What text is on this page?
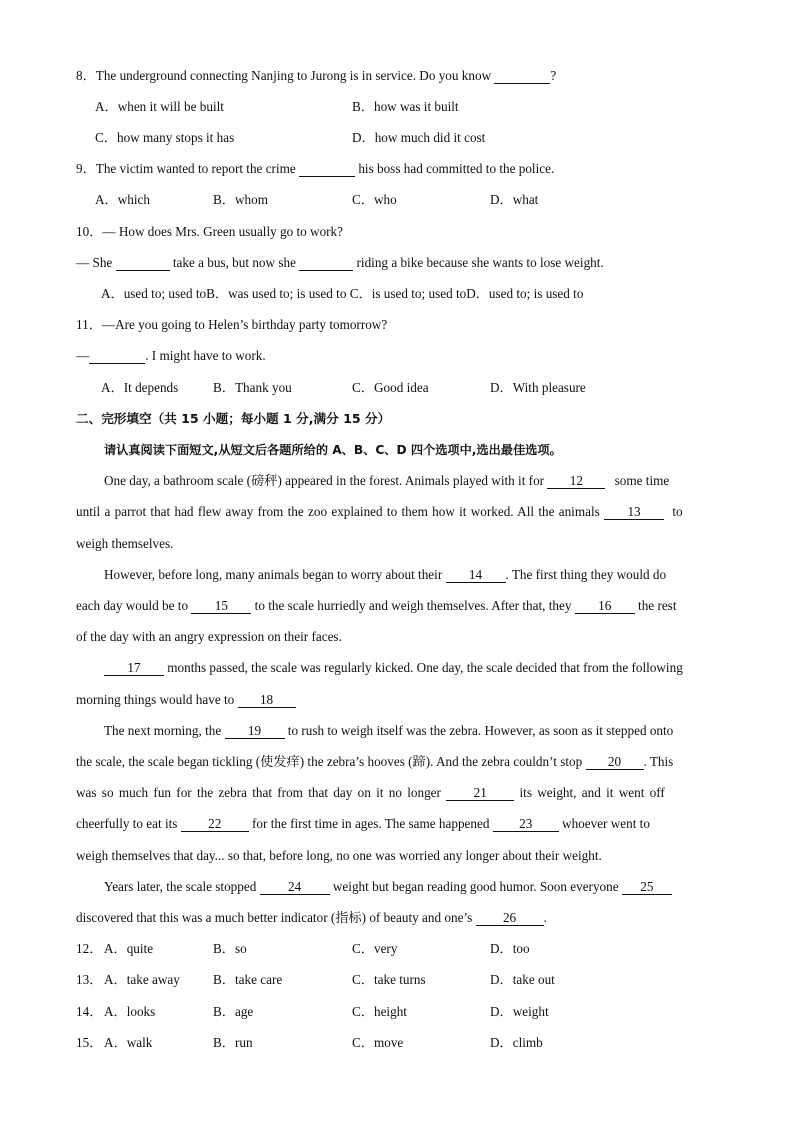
8．The underground connecting Nanjing to Jurong is in service. Do you know	?
A．when it will be built	B．how was it built
C．how many stops it has	D．how much did it cost
9．The victim wanted to report the crime	his boss had committed to the police.
A．which	B．whom	C．who	D．what
10．— How does Mrs. Green usually go to work?
— She	take a bus, but now she	riding a bike because she wants to lose weight.
A．used to; used toB．was used to; is used to C．is used to; used toD．used to; is used to
11．—Are you going to Helen’s birthday party tomorrow?
—	. I might have to work.
A．It depends	B．Thank you	C．Good idea	D．With pleasure
二、完形填空（共 15 小题；每小题 1 分,满分 15 分）
请认真阅读下面短文,从短文后各题所给的 A、B、C、D 四个选项中,选出最佳选项。
One day, a bathroom scale (磅秤) appeared in the forest. Animals played with it for 12 some time
until a parrot that had flew away from the zoo explained to them how it worked. All the animals 13 to
weigh themselves.
However, before long, many animals began to worry about their 14 . The first thing they would do
each day would be to 15 to the scale hurriedly and weigh themselves. After that, they 16 the rest
of the day with an angry expression on their faces.
17 months passed, the scale was regularly kicked. One day, the scale decided that from the following
morning things would have to 18
The next morning, the 19 to rush to weigh itself was the zebra. However, as soon as it stepped onto
the scale, the scale began tickling (使发痒) the zebra’s hooves (蹄). And the zebra couldn’t stop 20 . This
was so much fun for the zebra that from that day on it no longer 21 its weight, and it went off
cheerfully to eat its 22 for the first time in ages. The same happened 23 whoever went to
weigh themselves that day... so that, before long, no one was worried any longer about their weight.
Years later, the scale stopped 24 weight but began reading good humor. Soon everyone 25
discovered that this was a much better indicator (指标) of beauty and one’s 26 .
12． A．quite	B．so	C．very	D．too
13． A．take away	B．take care	C．take turns	D．take out
14． A．looks	B．age	C．height	D．weight
15． A．walk	B．run	C．move	D．climb
